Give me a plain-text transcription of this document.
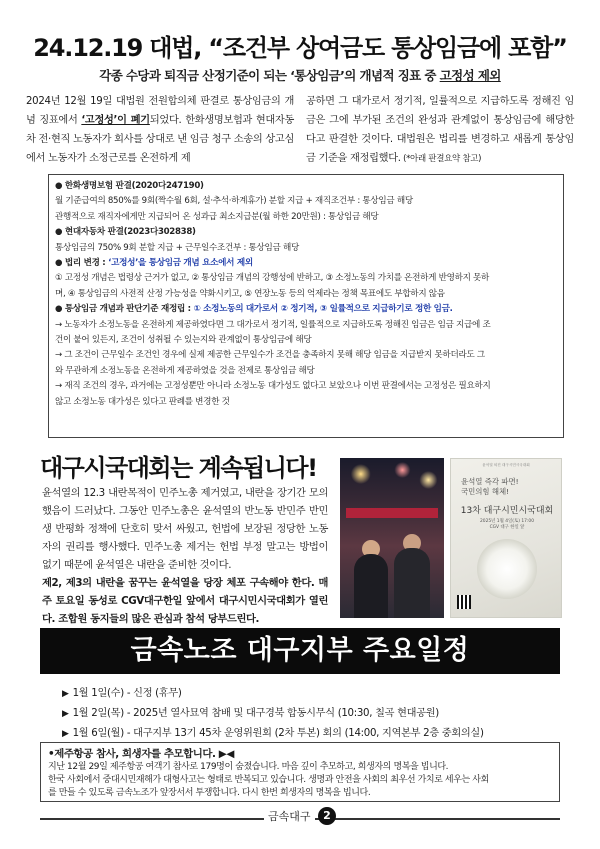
24.12.19 대법, “조건부 상여금도 통상임금에 포함”
각종 수당과 퇴직금 산정기준이 되는 ‘통상임금’의 개념적 징표 중 고정성 제외
2024년 12월 19일 대법원 전원합의체 판결로 통상임금의 개념 징표에서 ‘고정성’이 폐기되었다. 한화생명보험과 현대자동차 전·현직 노동자가 회사를 상대로 낸 임금 청구 소송의 상고심에서 노동자가 소정근로를 온전하게 제
공하면 그 대가로서 정기적, 일률적으로 지급하도록 정해진 임금은 그에 부가된 조건의 완성과 관계없이 통상임금에 해당한다고 판결한 것이다. 대법원은 법리를 변경하고 새롭게 통상임금 기준을 재정립했다. (*아래 판결요약 참고)
● 한화생명보험 판결(2020다247190)
월 기준급여의 850%를 9회(짝수월 6회, 설·추석·하계휴가) 분할 지급 + 재직조건부 : 통상임금 해당
관행적으로 재직자에게만 지급되어 온 성과급 최소지급분(월 하한 20만원) : 통상임금 해당
● 현대자동차 판결(2023다302838)
통상임금의 750% 9회 분할 지급 + 근무일수조건부 : 통상임금 해당
● 법리 변경 : ‘고정성’을 통상임금 개념 요소에서 제외
① 고정성 개념은 법령상 근거가 없고, ② 통상임금 개념의 강행성에 반하고, ③ 소정노동의 가치를 온전하게 반영하지 못하
며, ④ 통상임금의 사전적 산정 가능성을 약화시키고, ⑤ 연장노동 등의 억제라는 정책 목표에도 부합하지 않음
● 통상임금 개념과 판단기준 재정립 : ① 소정노동의 대가로서 ② 정기적, ③ 일률적으로 지급하기로 정한 임금.
→ 노동자가 소정노동을 온전하게 제공하였다면 그 대가로서 정기적, 일률적으로 지급하도록 정해진 임금은 임금 지급에 조
건이 붙어 있든지, 조건이 성취될 수 있는지와 관계없이 통상임금에 해당
→ 그 조건이 근무일수 조건인 경우에 실제 제공한 근무일수가 조건을 충족하지 못해 해당 임금을 지급받지 못하더라도 그
와 무관하게 소정노동을 온전하게 제공하였을 것을 전제로 통상임금 해당
→ 재직 조건의 경우, 과거에는 고정성뿐만 아니라 소정노동 대가성도 없다고 보았으나 이번 판결에서는 고정성은 필요하지
않고 소정노동 대가성은 있다고 판례를 변경한 것
대구시국대회는 계속됩니다!
윤석열의 12.3 내란목적이 민주노총 제거였고, 내란을 장기간 모의했음이 드러났다. 그동안 민주노총은 윤석열의 반노동 반민주 반민생 반평화 정책에 단호히 맞서 싸웠고, 헌법에 보장된 정당한 노동자의 권리를 행사했다. 민주노총 제거는 헌법 부정 말고는 방법이 없기 때문에 윤석열은 내란을 준비한 것이다.
제2, 제3의 내란을 꿈꾸는 윤석열을 당장 체포 구속해야 한다. 매주 토요일 동성로 CGV대구한일 앞에서 대구시민시국대회가 열린다. 조합원 동지들의 많은 관심과 참석 당부드린다.
윤석열 퇴진 대구시민시국대회
윤석열 즉각 파면!
국민의힘 해체!
13차 대구시민시국대회
2025년 1월 4일(토) 17:00
CGV 대구 한일 앞
금속노조 대구지부 주요일정
▶ 1월 1일(수) - 신정 (휴무)
▶ 1월 2일(목) - 2025년 열사묘역 참배 및 대구경북 합동시무식 (10:30, 칠곡 현대공원)
▶ 1월 6일(월) - 대구지부 13기 45차 운영위원회 (2차 투본) 회의 (14:00, 지역본부 2층 중회의실)
•제주항공 참사, 희생자를 추모합니다. ▶◀
지난 12월 29일 제주항공 여객기 참사로 179명이 숨졌습니다. 마음 깊이 추모하고, 희생자의 명복을 빕니다.
한국 사회에서 중대시민재해가 대형사고는 형태로 반복되고 있습니다. 생명과 안전을 사회의 최우선 가치로 세우는 사회
를 만들 수 있도록 금속노조가 앞장서서 투쟁합니다. 다시 한번 희생자의 명복을 빕니다.
금속대구 2
